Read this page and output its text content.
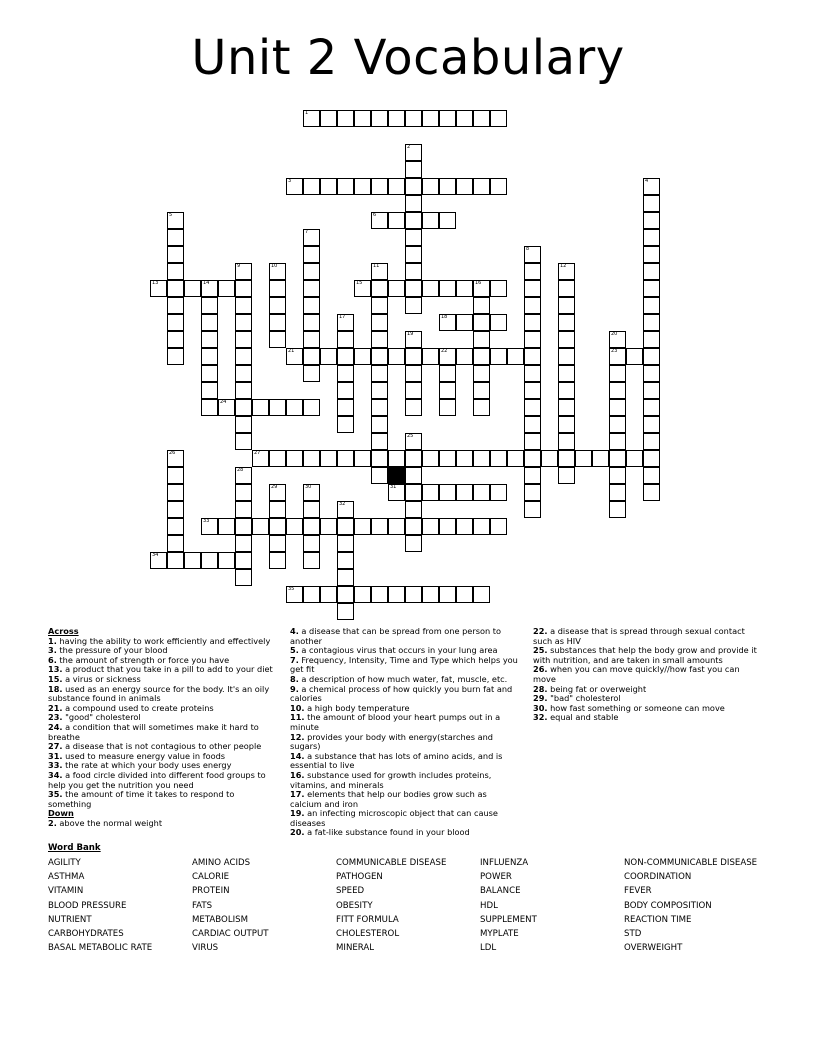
Unit 2 Vocabulary
1
2
3	4
5	6
7
8
9	10	11	12
13	14	15	16
17	18
19	20
23
21	22
24
25
26	27
28
29	30	31
32
33
34
35
Across
1. having the ability to work efficiently and effectively
3. the pressure of your blood
6. the amount of strength or force you have
13. a product that you take in a pill to add to your diet
15. a virus or sickness
18. used as an energy source for the body. It's an oily substance found in animals
21. a compound used to create proteins
23. "good" cholesterol
24. a condition that will sometimes make it hard to breathe
27. a disease that is not contagious to other people
31. used to measure energy value in foods
33. the rate at which your body uses energy
34. a food circle divided into different food groups to help you get the nutrition you need
35. the amount of time it takes to respond to something
Down
2. above the normal weight
4. a disease that can be spread from one person to another
5. a contagious virus that occurs in your lung area
7. Frequency, Intensity, Time and Type which helps you get fit
8. a description of how much water, fat, muscle, etc.
9. a chemical process of how quickly you burn fat and calories
10. a high body temperature
11. the amount of blood your heart pumps out in a minute
12. provides your body with energy(starches and sugars)
14. a substance that has lots of amino acids, and is essential to live
16. substance used for growth includes proteins, vitamins, and minerals
17. elements that help our bodies grow such as calcium and iron
19. an infecting microscopic object that can cause diseases
20. a fat-like substance found in your blood
22. a disease that is spread through sexual contact such as HIV
25. substances that help the body grow and provide it with nutrition, and are taken in small amounts
26. when you can move quickly//how fast you can move
28. being fat or overweight
29. "bad" cholesterol
30. how fast something or someone can move
32. equal and stable
Word Bank
AGILITY	AMINO ACIDS	COMMUNICABLE DISEASE	INFLUENZA	NON-COMMUNICABLE DISEASE
ASTHMA	CALORIE	PATHOGEN	POWER	COORDINATION
VITAMIN	PROTEIN	SPEED	BALANCE	FEVER
BLOOD PRESSURE	FATS	OBESITY	HDL	BODY COMPOSITION
NUTRIENT	METABOLISM	FITT FORMULA	SUPPLEMENT	REACTION TIME
CARBOHYDRATES	CARDIAC OUTPUT	CHOLESTEROL	MYPLATE	STD
BASAL METABOLIC RATE	VIRUS	MINERAL	LDL	OVERWEIGHT
